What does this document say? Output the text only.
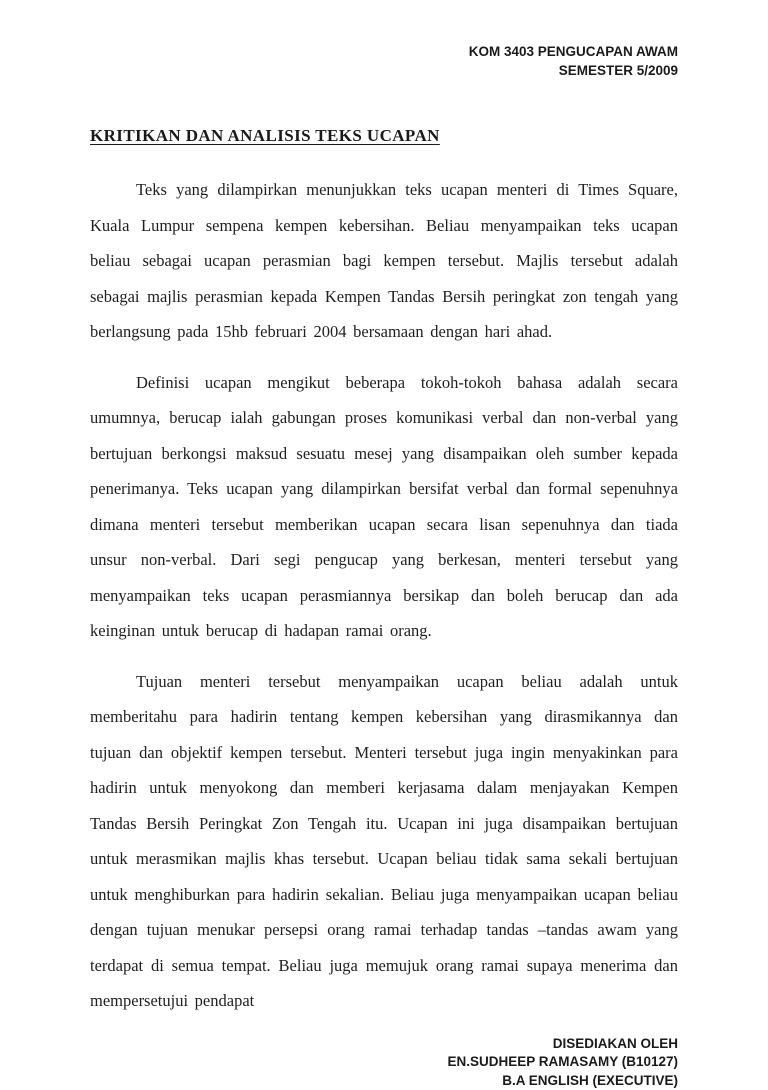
KOM 3403 PENGUCAPAN AWAM
SEMESTER 5/2009
KRITIKAN DAN ANALISIS TEKS UCAPAN

Teks yang dilampirkan menunjukkan teks ucapan menteri di Times Square, Kuala Lumpur sempena kempen kebersihan. Beliau menyampaikan teks ucapan beliau sebagai ucapan perasmian bagi kempen tersebut. Majlis tersebut adalah sebagai majlis perasmian kepada Kempen Tandas Bersih peringkat zon tengah yang berlangsung pada 15hb februari 2004 bersamaan dengan hari ahad.

Definisi ucapan mengikut beberapa tokoh-tokoh bahasa adalah secara umumnya, berucap ialah gabungan proses komunikasi verbal dan non-verbal yang bertujuan berkongsi maksud sesuatu mesej yang disampaikan oleh sumber kepada penerimanya. Teks ucapan yang dilampirkan bersifat verbal dan formal sepenuhnya dimana menteri tersebut memberikan ucapan secara lisan sepenuhnya dan tiada unsur non-verbal. Dari segi pengucap yang berkesan, menteri tersebut yang menyampaikan teks ucapan perasmiannya bersikap dan boleh berucap dan ada keinginan untuk berucap di hadapan ramai orang.

Tujuan menteri tersebut menyampaikan ucapan beliau adalah untuk memberitahu para hadirin tentang kempen kebersihan yang dirasmikannya dan tujuan dan objektif kempen tersebut. Menteri tersebut juga ingin menyakinkan para hadirin untuk menyokong dan memberi kerjasama dalam menjayakan Kempen Tandas Bersih Peringkat Zon Tengah itu. Ucapan ini juga disampaikan bertujuan untuk merasmikan majlis khas tersebut. Ucapan beliau tidak sama sekali bertujuan untuk menghiburkan para hadirin sekalian. Beliau juga menyampaikan ucapan beliau dengan tujuan menukar persepsi orang ramai terhadap tandas –tandas awam yang terdapat di semua tempat. Beliau juga memujuk orang ramai supaya menerima dan mempersetujui pendapat

DISEDIAKAN OLEH
EN.SUDHEEP RAMASAMY (B10127)
B.A ENGLISH (EXECUTIVE)
